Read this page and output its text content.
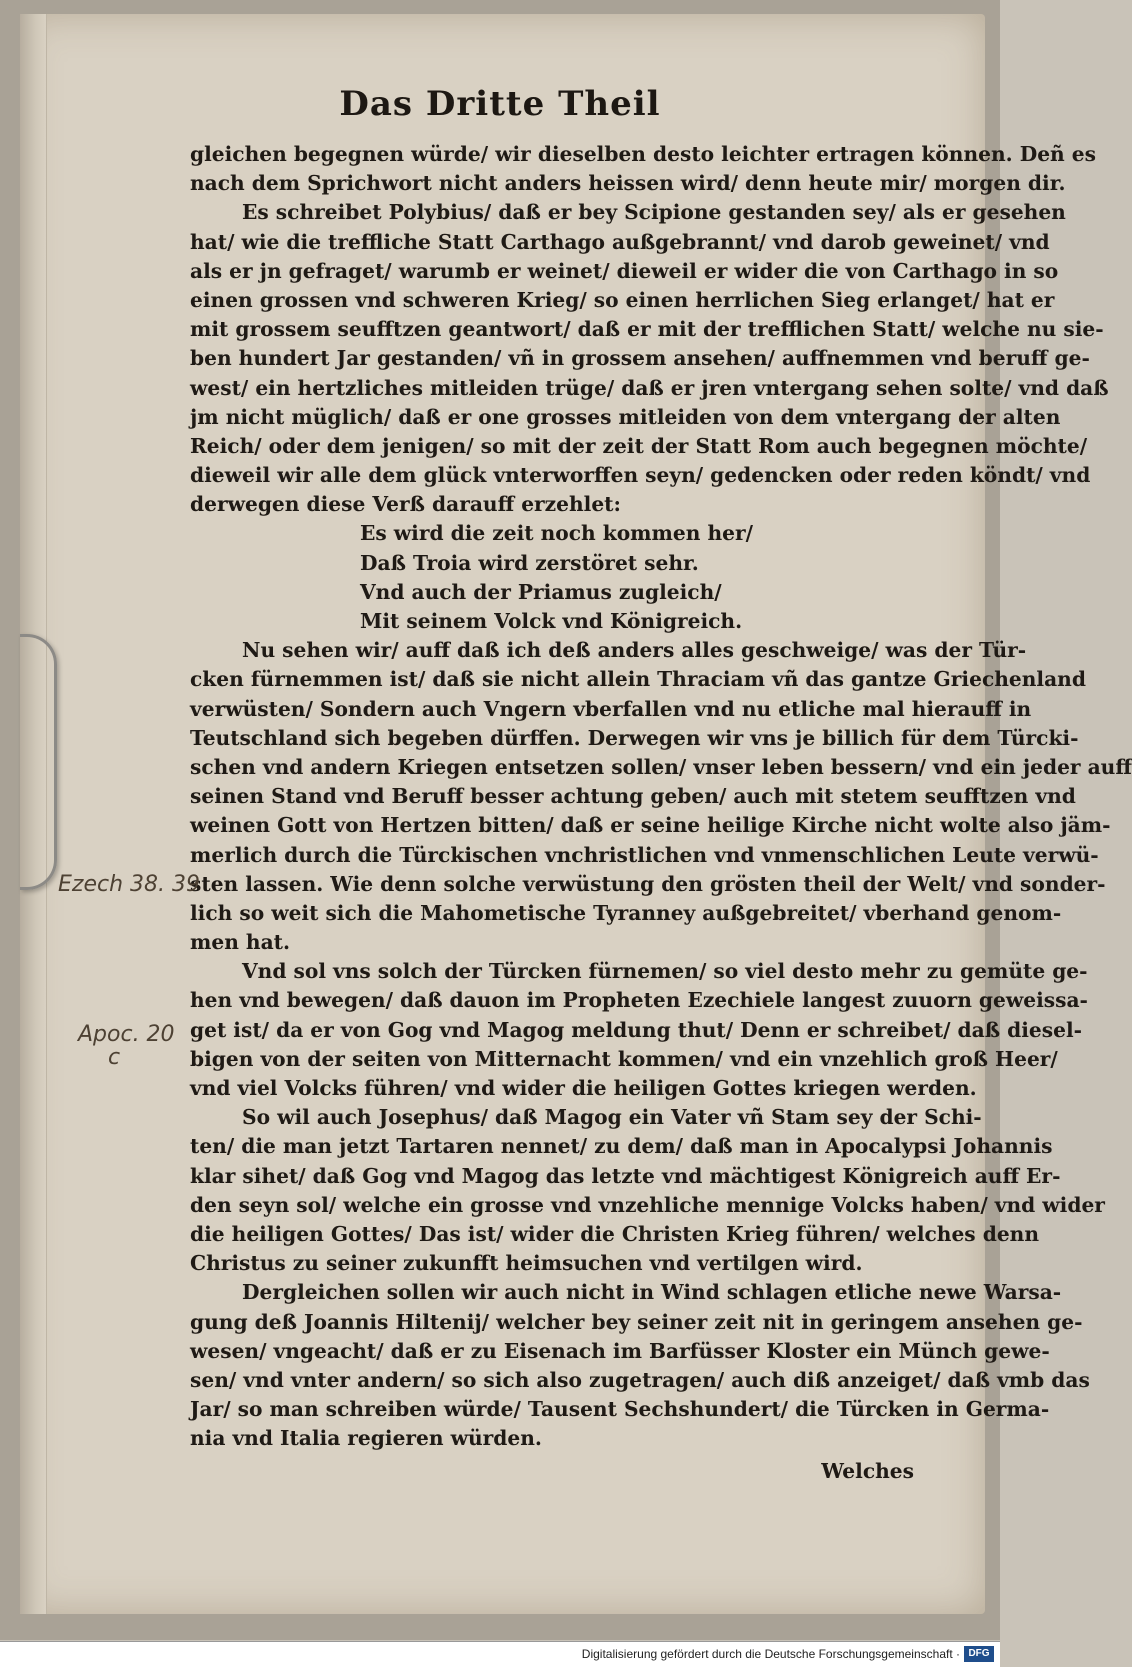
Das Dritte Theil
gleichen begegnen würde/ wir dieselben desto leichter ertragen können. Deñ es
nach dem Sprichwort nicht anders heissen wird/ denn heute mir/ morgen dir.
Es schreibet Polybius/ daß er bey Scipione gestanden sey/ als er gesehen
hat/ wie die treffliche Statt Carthago außgebrannt/ vnd darob geweinet/ vnd
als er jn gefraget/ warumb er weinet/ dieweil er wider die von Carthago in so
einen grossen vnd schweren Krieg/ so einen herrlichen Sieg erlanget/ hat er
mit grossem seufftzen geantwort/ daß er mit der trefflichen Statt/ welche nu sie-
ben hundert Jar gestanden/ vñ in grossem ansehen/ auffnemmen vnd beruff ge-
west/ ein hertzliches mitleiden trüge/ daß er jren vntergang sehen solte/ vnd daß
jm nicht müglich/ daß er one grosses mitleiden von dem vntergang der alten
Reich/ oder dem jenigen/ so mit der zeit der Statt Rom auch begegnen möchte/
dieweil wir alle dem glück vnterworffen seyn/ gedencken oder reden köndt/ vnd
derwegen diese Verß darauff erzehlet:
Es wird die zeit noch kommen her/
Daß Troia wird zerstöret sehr.
Vnd auch der Priamus zugleich/
Mit seinem Volck vnd Königreich.
Nu sehen wir/ auff daß ich deß anders alles geschweige/ was der Tür-
cken fürnemmen ist/ daß sie nicht allein Thraciam vñ das gantze Griechenland
verwüsten/ Sondern auch Vngern vberfallen vnd nu etliche mal hierauff in
Teutschland sich begeben dürffen. Derwegen wir vns je billich für dem Türcki-
schen vnd andern Kriegen entsetzen sollen/ vnser leben bessern/ vnd ein jeder auff
seinen Stand vnd Beruff besser achtung geben/ auch mit stetem seufftzen vnd
weinen Gott von Hertzen bitten/ daß er seine heilige Kirche nicht wolte also jäm-
merlich durch die Türckischen vnchristlichen vnd vnmenschlichen Leute verwü-
sten lassen. Wie denn solche verwüstung den grösten theil der Welt/ vnd sonder-
lich so weit sich die Mahometische Tyranney außgebreitet/ vberhand genom-
men hat.
Vnd sol vns solch der Türcken fürnemen/ so viel desto mehr zu gemüte ge-
hen vnd bewegen/ daß dauon im Propheten Ezechiele langest zuuorn geweissa-
get ist/ da er von Gog vnd Magog meldung thut/ Denn er schreibet/ daß diesel-
bigen von der seiten von Mitternacht kommen/ vnd ein vnzehlich groß Heer/
vnd viel Volcks führen/ vnd wider die heiligen Gottes kriegen werden.
So wil auch Josephus/ daß Magog ein Vater vñ Stam sey der Schi-
ten/ die man jetzt Tartaren nennet/ zu dem/ daß man in Apocalypsi Johannis
klar sihet/ daß Gog vnd Magog das letzte vnd mächtigest Königreich auff Er-
den seyn sol/ welche ein grosse vnd vnzehliche mennige Volcks haben/ vnd wider
die heiligen Gottes/ Das ist/ wider die Christen Krieg führen/ welches denn
Christus zu seiner zukunfft heimsuchen vnd vertilgen wird.
Dergleichen sollen wir auch nicht in Wind schlagen etliche newe Warsa-
gung deß Joannis Hiltenij/ welcher bey seiner zeit nit in geringem ansehen ge-
wesen/ vngeacht/ daß er zu Eisenach im Barfüsser Kloster ein Münch gewe-
sen/ vnd vnter andern/ so sich also zugetragen/ auch diß anzeiget/ daß vmb das
Jar/ so man schreiben würde/ Tausent Sechshundert/ die Türcken in Germa-
nia vnd Italia regieren würden.
Welches
Ezech 38. 39
Apoc. 20
c
Digitalisierung gefördert durch die Deutsche Forschungsgemeinschaft · DFG
